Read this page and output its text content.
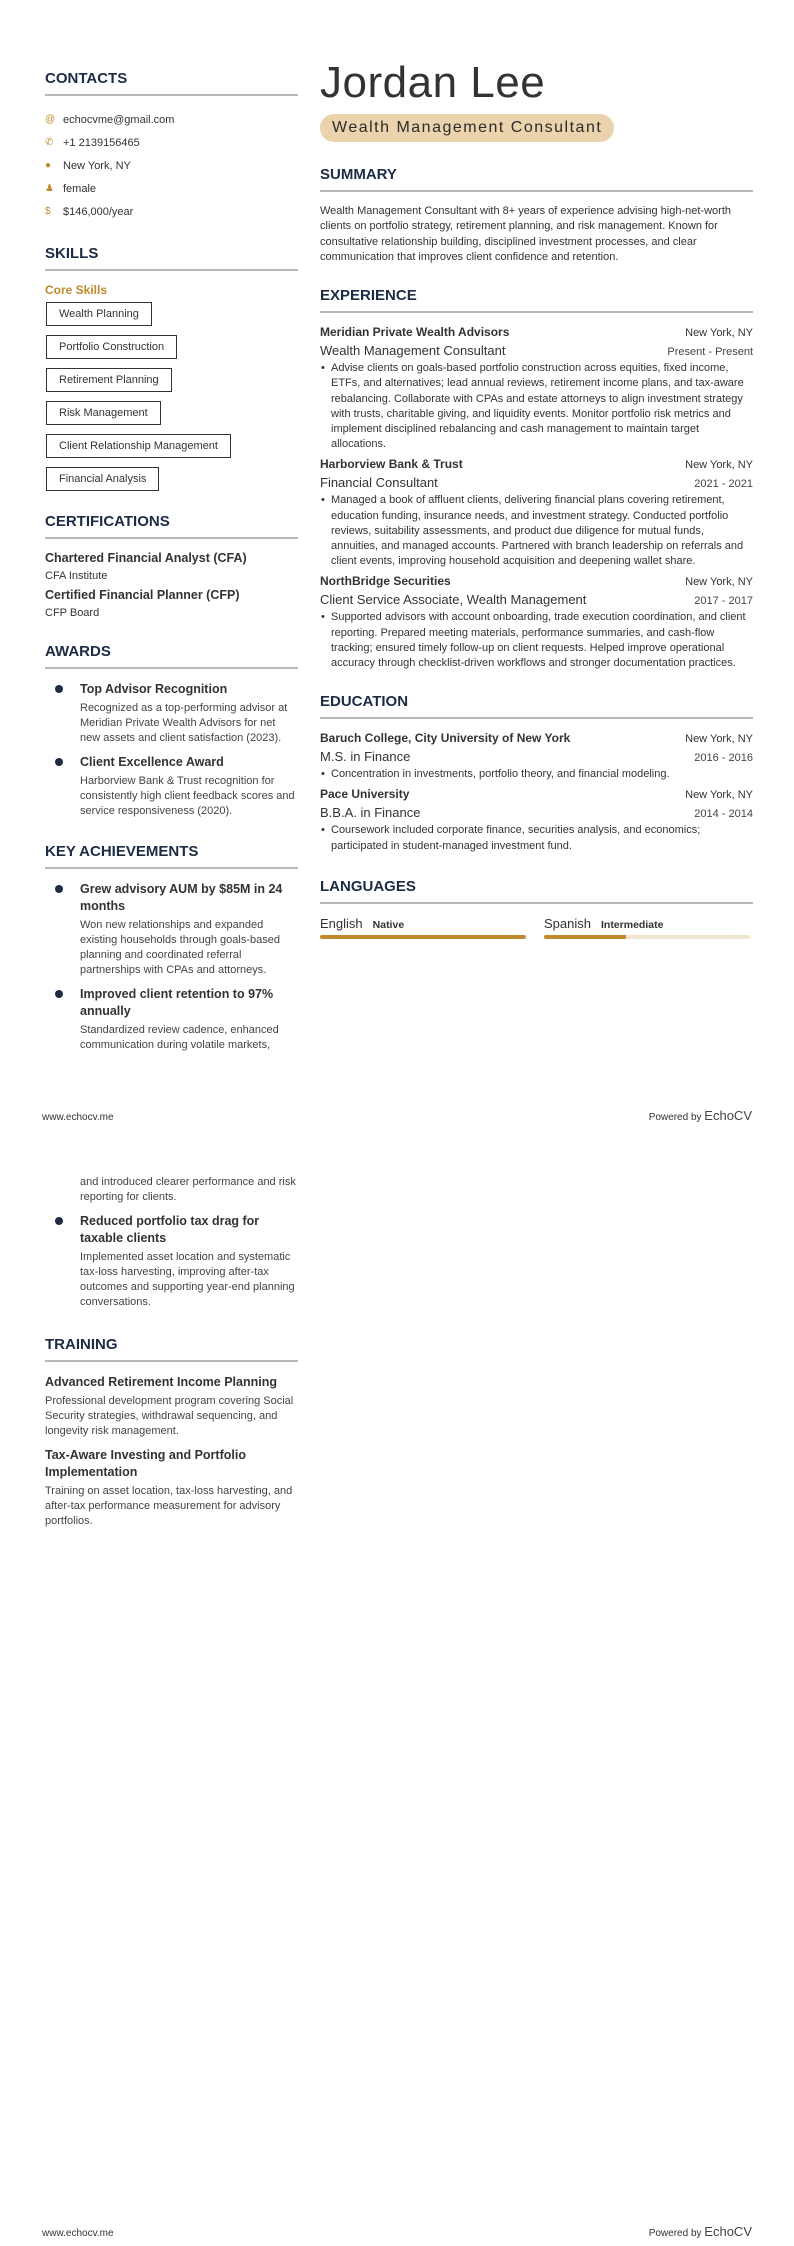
CONTACTS
@ echocvme@gmail.com
✆ +1 2139156465
●	New York, NY
♟ female
$	$146,000/year
SKILLS
Core Skills
Wealth Planning
Portfolio Construction
Retirement Planning
Risk Management
Client Relationship Management
Financial Analysis
CERTIFICATIONS
Chartered Financial Analyst (CFA)
CFA Institute
Certified Financial Planner (CFP)
CFP Board
AWARDS
Top Advisor Recognition
Recognized as a top-performing advisor at Meridian Private Wealth Advisors for net new assets and client satisfaction (2023).
Client Excellence Award
Harborview Bank & Trust recognition for consistently high client feedback scores and service responsiveness (2020).
KEY ACHIEVEMENTS
Grew advisory AUM by $85M in 24 months
Won new relationships and expanded existing households through goals-based planning and coordinated referral partnerships with CPAs and attorneys.
Improved client retention to 97% annually
Standardized review cadence, enhanced communication during volatile markets,
Jordan Lee
Wealth Management Consultant
SUMMARY
Wealth Management Consultant with 8+ years of experience advising high-net-worth clients on portfolio strategy, retirement planning, and risk management. Known for consultative relationship building, disciplined investment processes, and clear communication that improves client confidence and retention.
EXPERIENCE
Meridian Private Wealth Advisors	New York, NY
Wealth Management Consultant	Present - Present
• Advise clients on goals-based portfolio construction across equities, fixed income, ETFs, and alternatives; lead annual reviews, retirement income plans, and tax-aware rebalancing. Collaborate with CPAs and estate attorneys to align investment strategy with trusts, charitable giving, and liquidity events. Monitor portfolio risk metrics and implement disciplined rebalancing and cash management to maintain target allocations.
Harborview Bank & Trust	New York, NY
Financial Consultant	2021 - 2021
• Managed a book of affluent clients, delivering financial plans covering retirement, education funding, insurance needs, and investment strategy. Conducted portfolio reviews, suitability assessments, and product due diligence for mutual funds, annuities, and managed accounts. Partnered with branch leadership on referrals and client events, improving household acquisition and deepening wallet share.
NorthBridge Securities	New York, NY
Client Service Associate, Wealth Management	2017 - 2017
• Supported advisors with account onboarding, trade execution coordination, and client reporting. Prepared meeting materials, performance summaries, and cash-flow tracking; ensured timely follow-up on client requests. Helped improve operational accuracy through checklist-driven workflows and stronger documentation practices.
EDUCATION
Baruch College, City University of New York	New York, NY
M.S. in Finance	2016 - 2016
• Concentration in investments, portfolio theory, and financial modeling.
Pace University	New York, NY
B.B.A. in Finance	2014 - 2014
• Coursework included corporate finance, securities analysis, and economics; participated in student-managed investment fund.
LANGUAGES
English Native	Spanish Intermediate
www.echocv.me	Powered by EchoCV
and introduced clearer performance and risk reporting for clients.
Reduced portfolio tax drag for taxable clients
Implemented asset location and systematic tax-loss harvesting, improving after-tax outcomes and supporting year-end planning conversations.
TRAINING
Advanced Retirement Income Planning
Professional development program covering Social Security strategies, withdrawal sequencing, and longevity risk management.
Tax-Aware Investing and Portfolio Implementation
Training on asset location, tax-loss harvesting, and after-tax performance measurement for advisory portfolios.
www.echocv.me	Powered by EchoCV
